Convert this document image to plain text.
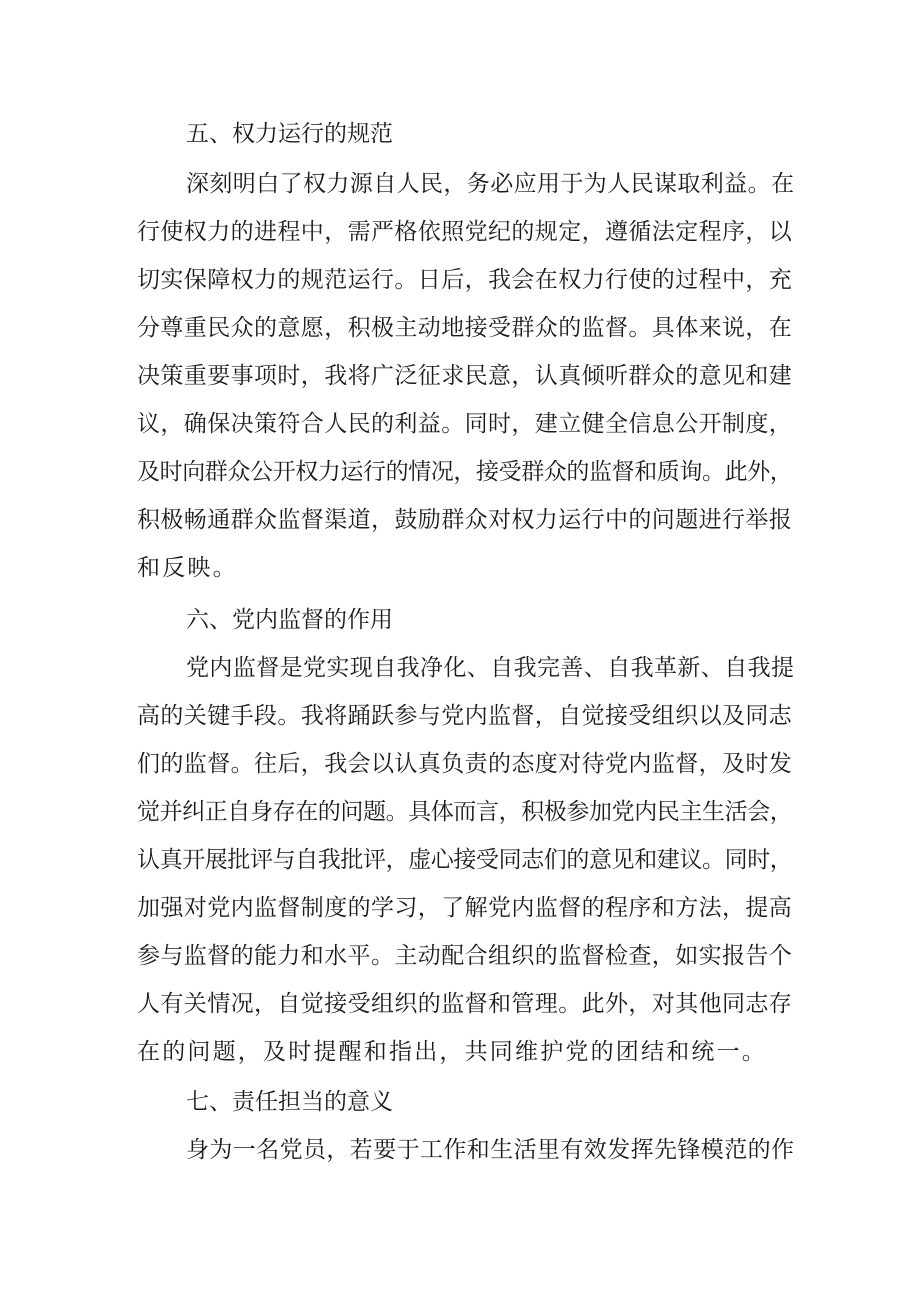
五、权力运行的规范
深刻明白了权力源自人民，务必应用于为人民谋取利益。在
行使权力的进程中，需严格依照党纪的规定，遵循法定程序，以
切实保障权力的规范运行。日后，我会在权力行使的过程中，充
分尊重民众的意愿，积极主动地接受群众的监督。具体来说，在
决策重要事项时，我将广泛征求民意，认真倾听群众的意见和建
议，确保决策符合人民的利益。同时，建立健全信息公开制度，
及时向群众公开权力运行的情况，接受群众的监督和质询。此外，
积极畅通群众监督渠道，鼓励群众对权力运行中的问题进行举报
和反映。
六、党内监督的作用
党内监督是党实现自我净化、自我完善、自我革新、自我提
高的关键手段。我将踊跃参与党内监督，自觉接受组织以及同志
们的监督。往后，我会以认真负责的态度对待党内监督，及时发
觉并纠正自身存在的问题。具体而言，积极参加党内民主生活会，
认真开展批评与自我批评，虚心接受同志们的意见和建议。同时，
加强对党内监督制度的学习，了解党内监督的程序和方法，提高
参与监督的能力和水平。主动配合组织的监督检查，如实报告个
人有关情况，自觉接受组织的监督和管理。此外，对其他同志存
在的问题，及时提醒和指出，共同维护党的团结和统一。
七、责任担当的意义
身为一名党员，若要于工作和生活里有效发挥先锋模范的作
